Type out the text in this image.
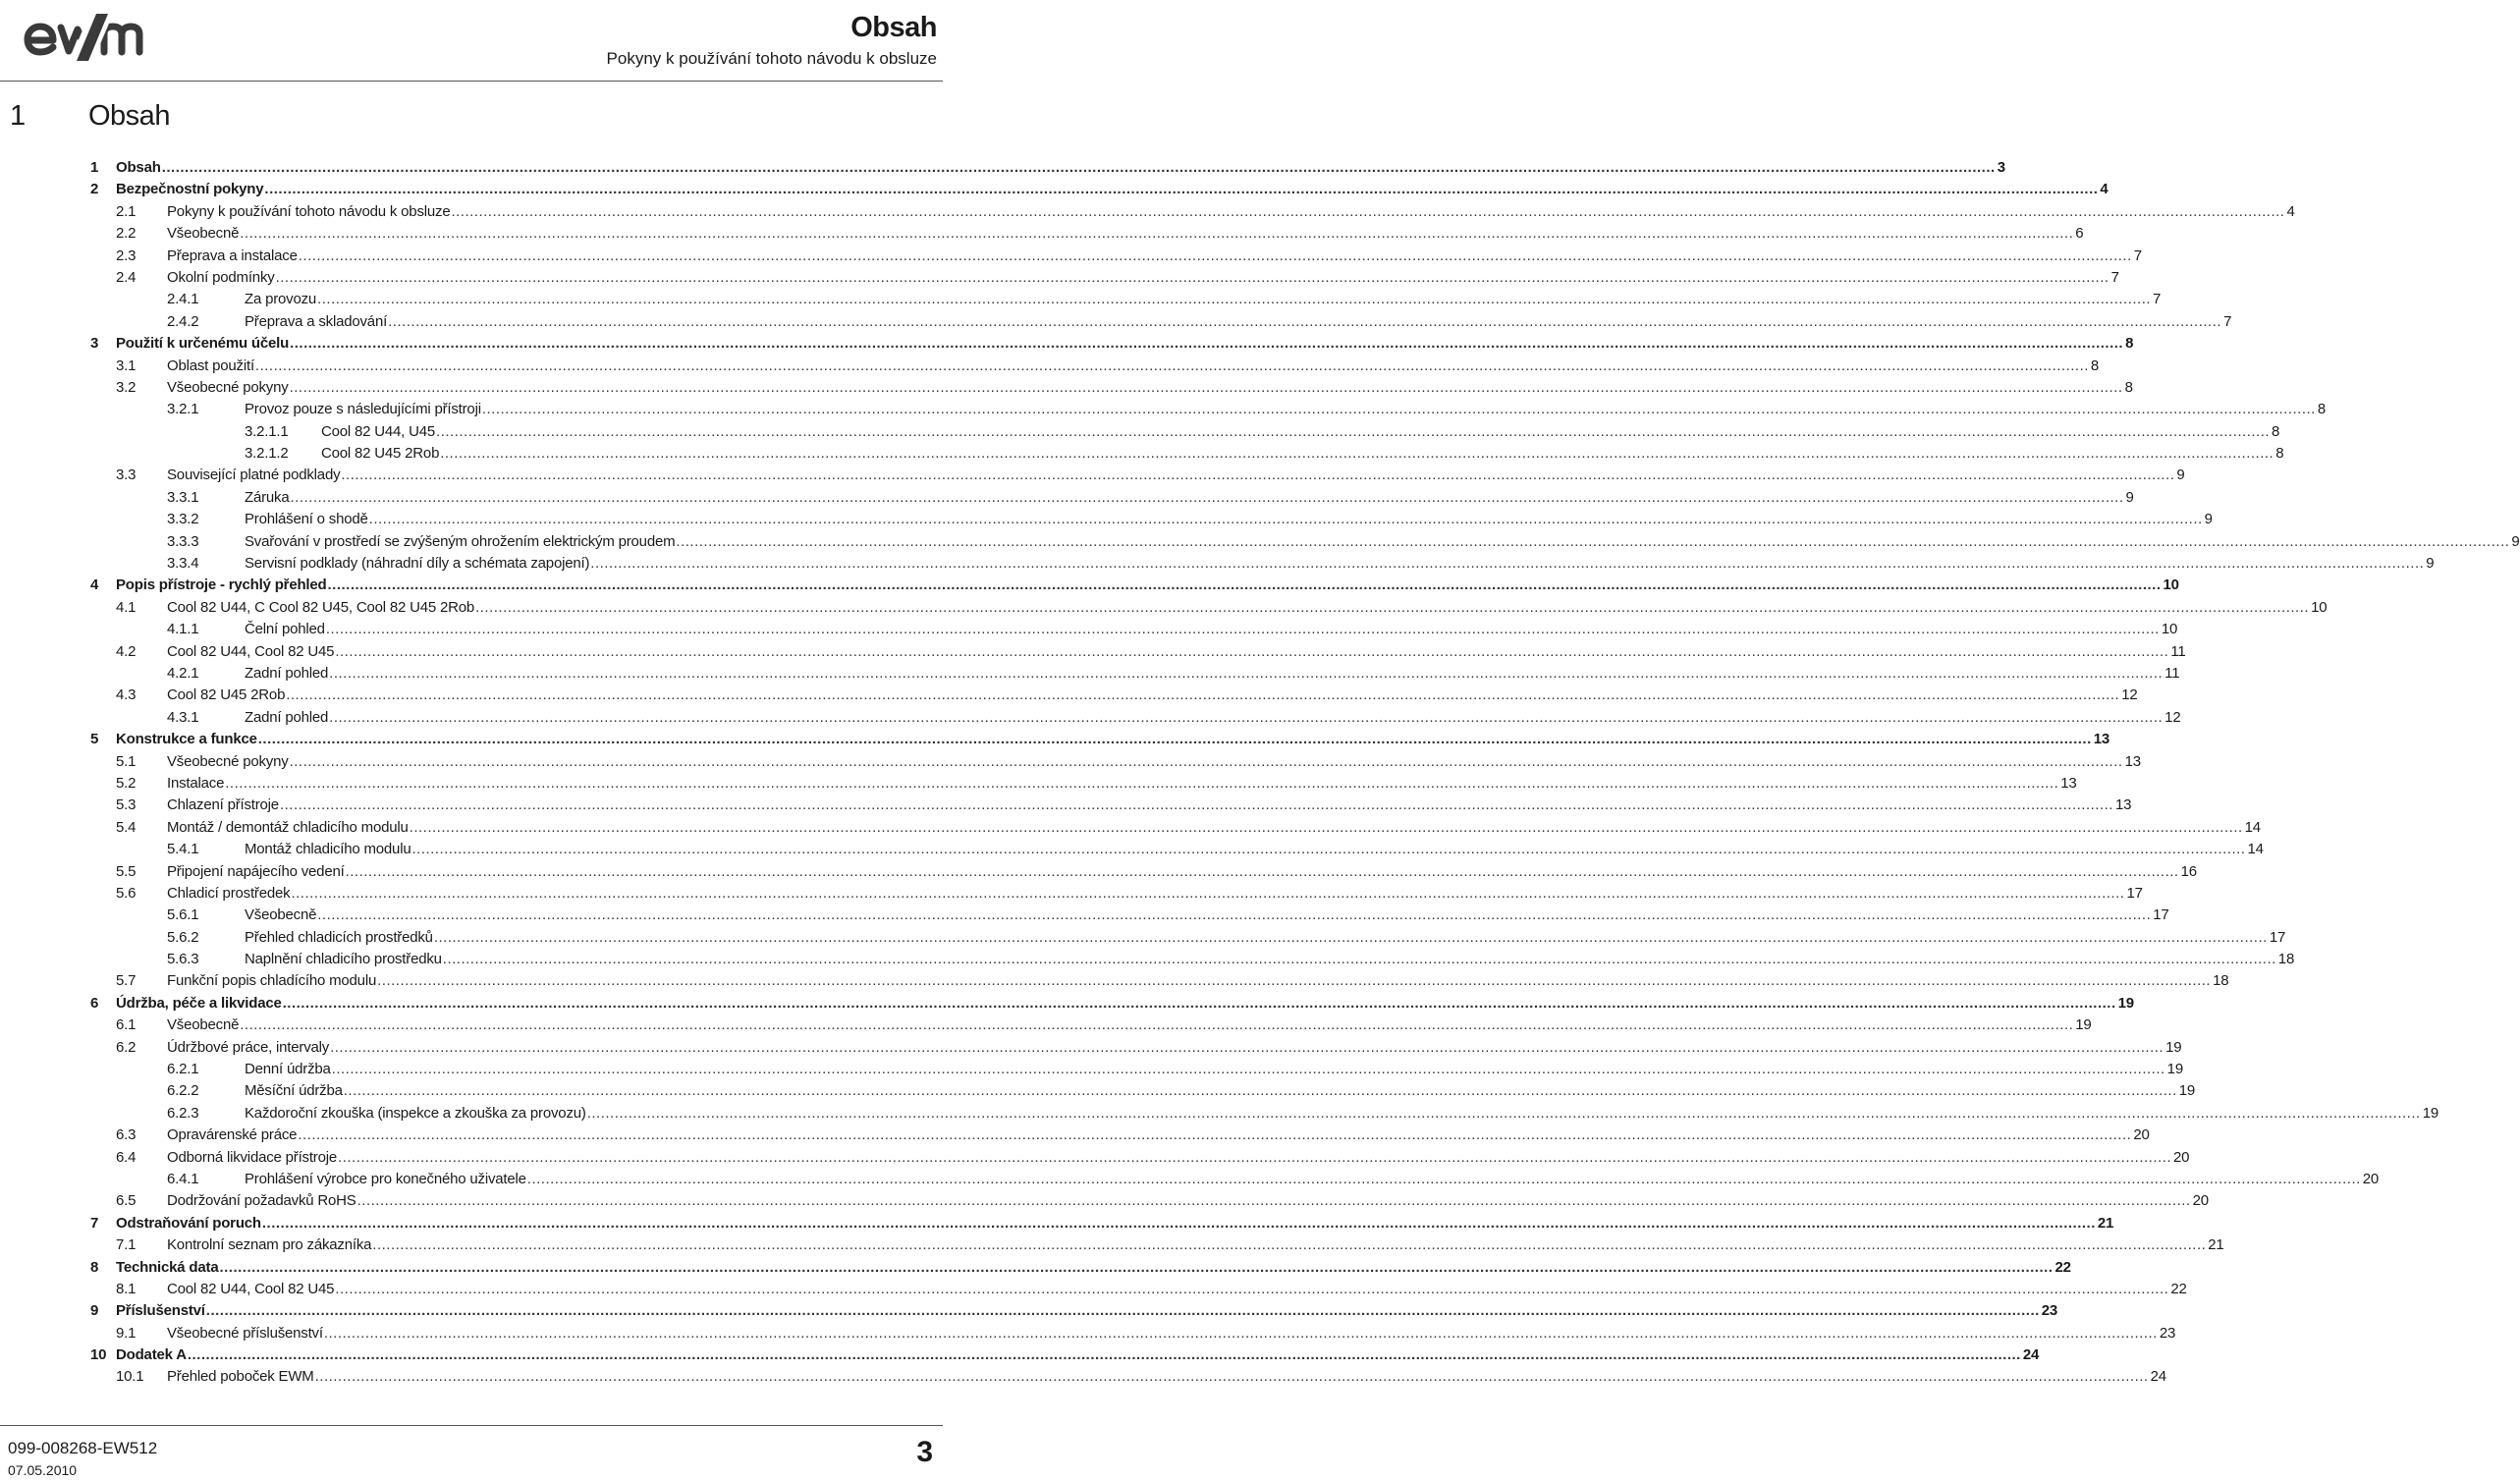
Obsah
Pokyny k používání tohoto návodu k obsluze
1 Obsah
1 Obsah ................................................................................................................................................................................................................................................................................................................................................................................................................ 3
2 Bezpečnostní pokyny ................................................................................................................................................................................................................................................................................................................................................................................................................ 4
2.1 Pokyny k používání tohoto návodu k obsluze ................................................................................................................................................................................................................................................................................................................................................................................................................ 4
2.2 Všeobecně ................................................................................................................................................................................................................................................................................................................................................................................................................ 6
2.3 Přeprava a instalace ................................................................................................................................................................................................................................................................................................................................................................................................................ 7
2.4 Okolní podmínky ................................................................................................................................................................................................................................................................................................................................................................................................................ 7
2.4.1	Za provozu ................................................................................................................................................................................................................................................................................................................................................................................................................ 7
2.4.2	Přeprava a skladování ................................................................................................................................................................................................................................................................................................................................................................................................................ 7
3 Použití k určenému účelu ................................................................................................................................................................................................................................................................................................................................................................................................................ 8
3.1 Oblast použití ................................................................................................................................................................................................................................................................................................................................................................................................................ 8
3.2 Všeobecné pokyny ................................................................................................................................................................................................................................................................................................................................................................................................................ 8
3.2.1	Provoz pouze s následujícími přístroji ................................................................................................................................................................................................................................................................................................................................................................................................................ 8
3.2.1.1 Cool 82 U44, U45 ................................................................................................................................................................................................................................................................................................................................................................................................................ 8
3.2.1.2 Cool 82 U45 2Rob ................................................................................................................................................................................................................................................................................................................................................................................................................ 8
3.3 Související platné podklady ................................................................................................................................................................................................................................................................................................................................................................................................................ 9
3.3.1	Záruka ................................................................................................................................................................................................................................................................................................................................................................................................................ 9
3.3.2	Prohlášení o shodě ................................................................................................................................................................................................................................................................................................................................................................................................................ 9
3.3.3	Svařování v prostředí se zvýšeným ohrožením elektrickým proudem ................................................................................................................................................................................................................................................................................................................................................................................................................ 9
3.3.4	Servisní podklady (náhradní díly a schémata zapojení) ................................................................................................................................................................................................................................................................................................................................................................................................................ 9
4 Popis přístroje - rychlý přehled ................................................................................................................................................................................................................................................................................................................................................................................................................ 10
4.1 Cool 82 U44, C Cool 82 U45, Cool 82 U45 2Rob ................................................................................................................................................................................................................................................................................................................................................................................................................ 10
4.1.1	Čelní pohled ................................................................................................................................................................................................................................................................................................................................................................................................................ 10
4.2 Cool 82 U44, Cool 82 U45 ................................................................................................................................................................................................................................................................................................................................................................................................................ 11
4.2.1	Zadní pohled ................................................................................................................................................................................................................................................................................................................................................................................................................ 11
4.3 Cool 82 U45 2Rob ................................................................................................................................................................................................................................................................................................................................................................................................................ 12
4.3.1	Zadní pohled ................................................................................................................................................................................................................................................................................................................................................................................................................ 12
5 Konstrukce a funkce ................................................................................................................................................................................................................................................................................................................................................................................................................ 13
5.1 Všeobecné pokyny ................................................................................................................................................................................................................................................................................................................................................................................................................ 13
5.2 Instalace ................................................................................................................................................................................................................................................................................................................................................................................................................ 13
5.3 Chlazení přístroje ................................................................................................................................................................................................................................................................................................................................................................................................................ 13
5.4 Montáž / demontáž chladicího modulu ................................................................................................................................................................................................................................................................................................................................................................................................................ 14
5.4.1	Montáž chladicího modulu ................................................................................................................................................................................................................................................................................................................................................................................................................ 14
5.5 Připojení napájecího vedení ................................................................................................................................................................................................................................................................................................................................................................................................................ 16
5.6 Chladicí prostředek ................................................................................................................................................................................................................................................................................................................................................................................................................ 17
5.6.1	Všeobecně ................................................................................................................................................................................................................................................................................................................................................................................................................ 17
5.6.2	Přehled chladicích prostředků ................................................................................................................................................................................................................................................................................................................................................................................................................ 17
5.6.3	Naplnění chladicího prostředku ................................................................................................................................................................................................................................................................................................................................................................................................................ 18
5.7 Funkční popis chladícího modulu ................................................................................................................................................................................................................................................................................................................................................................................................................ 18
6 Údržba, péče a likvidace ................................................................................................................................................................................................................................................................................................................................................................................................................ 19
6.1 Všeobecně ................................................................................................................................................................................................................................................................................................................................................................................................................ 19
6.2 Údržbové práce, intervaly ................................................................................................................................................................................................................................................................................................................................................................................................................ 19
6.2.1	Denní údržba ................................................................................................................................................................................................................................................................................................................................................................................................................ 19
6.2.2	Měsíční údržba ................................................................................................................................................................................................................................................................................................................................................................................................................ 19
6.2.3	Každoroční zkouška (inspekce a zkouška za provozu) ................................................................................................................................................................................................................................................................................................................................................................................................................ 19
6.3 Opravárenské práce ................................................................................................................................................................................................................................................................................................................................................................................................................ 20
6.4 Odborná likvidace přístroje ................................................................................................................................................................................................................................................................................................................................................................................................................ 20
6.4.1	Prohlášení výrobce pro konečného uživatele ................................................................................................................................................................................................................................................................................................................................................................................................................ 20
6.5 Dodržování požadavků RoHS ................................................................................................................................................................................................................................................................................................................................................................................................................ 20
7 Odstraňování poruch ................................................................................................................................................................................................................................................................................................................................................................................................................ 21
7.1 Kontrolní seznam pro zákazníka ................................................................................................................................................................................................................................................................................................................................................................................................................ 21
8 Technická data ................................................................................................................................................................................................................................................................................................................................................................................................................ 22
8.1 Cool 82 U44, Cool 82 U45 ................................................................................................................................................................................................................................................................................................................................................................................................................ 22
9 Příslušenství ................................................................................................................................................................................................................................................................................................................................................................................................................ 23
9.1 Všeobecné příslušenství ................................................................................................................................................................................................................................................................................................................................................................................................................ 23
10 Dodatek A ................................................................................................................................................................................................................................................................................................................................................................................................................ 24
10.1 Přehled poboček EWM ................................................................................................................................................................................................................................................................................................................................................................................................................ 24
099-008268-EW512
07.05.2010
3
